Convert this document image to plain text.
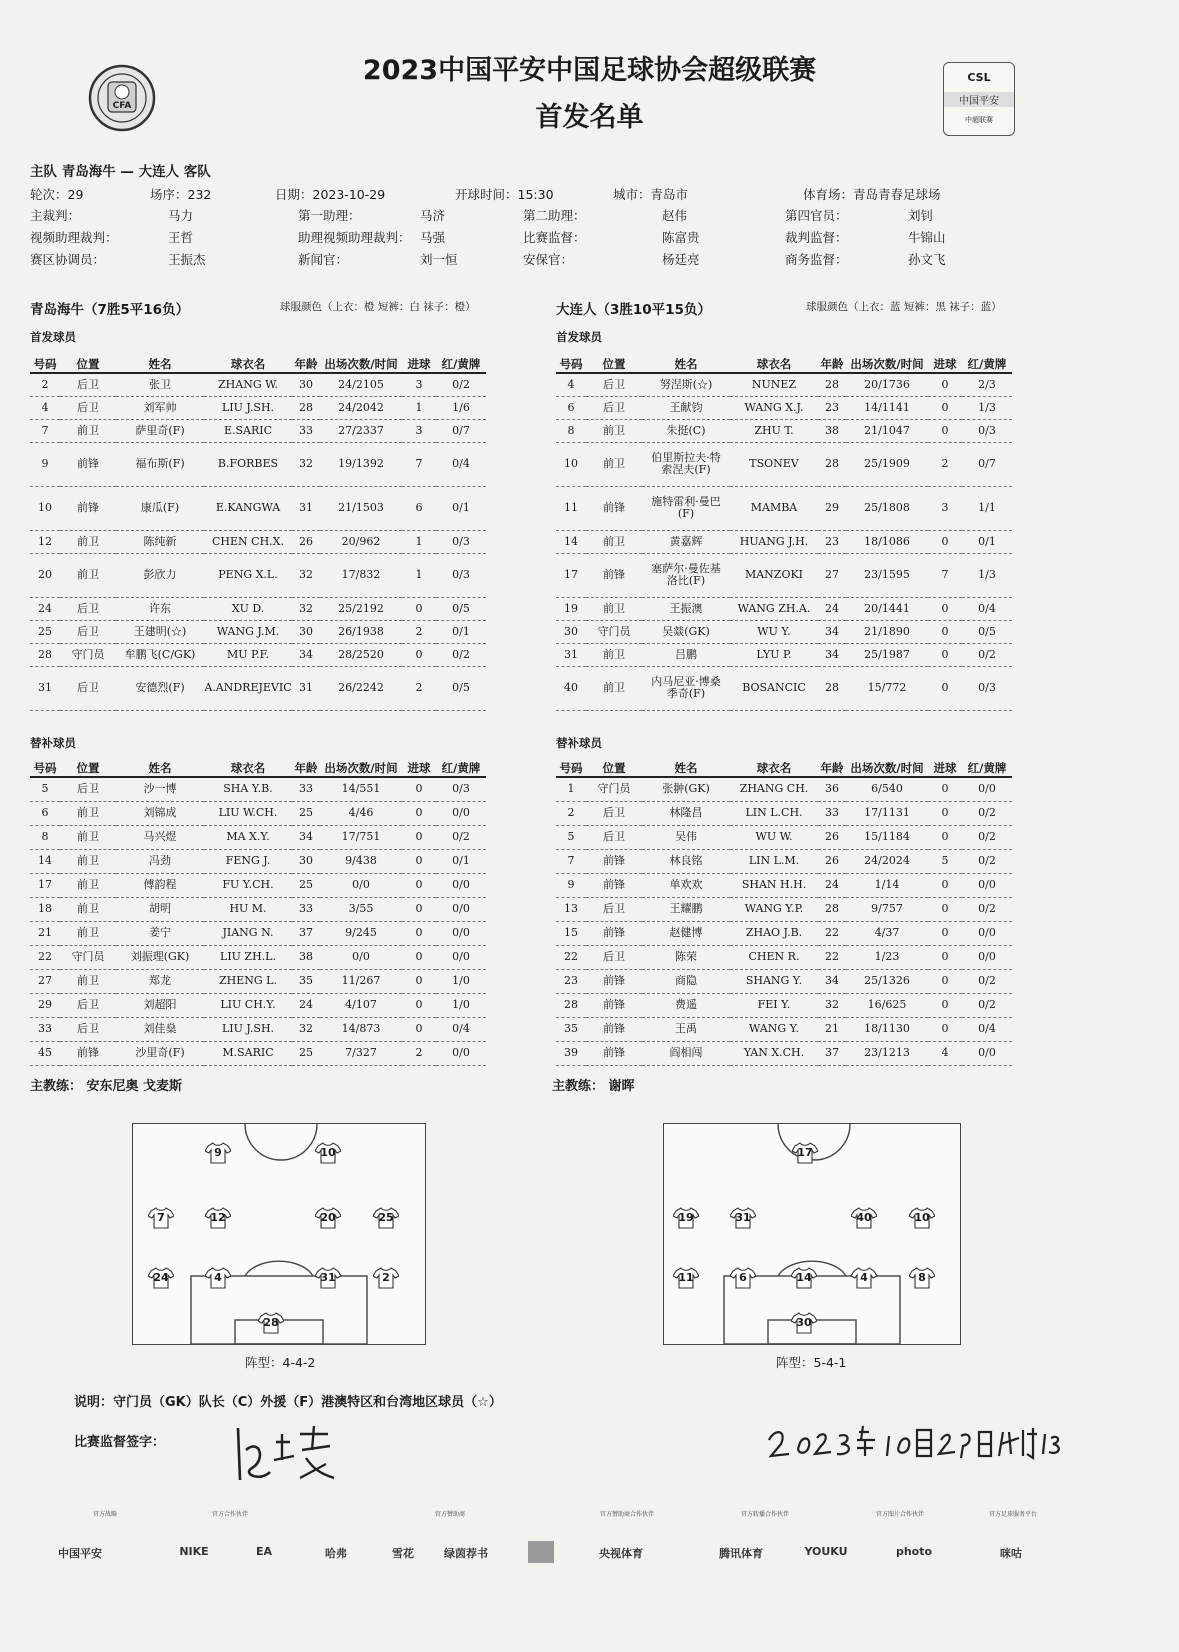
CFA
2023中国平安中国足球协会超级联赛
首发名单
CSL
中国平安
中超联赛
主队 青岛海牛 — 大连人 客队
轮次：29	场序：232	日期：2023-10-29	开球时间：15:30	城市：青岛市	体育场：青岛青春足球场
主裁判：	马力	第一助理：	马济	第二助理：	赵伟	第四官员：	刘钊
视频助理裁判：	王哲	助理视频助理裁判： 马强	比赛监督：	陈富贵	裁判监督：	牛锦山
赛区协调员：	王振杰	新闻官：	刘一恒	安保官：	杨廷亮	商务监督：	孙文飞
青岛海牛（7胜5平16负）	球服颜色（上衣：橙 短裤：白 袜子：橙）	大连人（3胜10平15负）	球服颜色（上衣：蓝 短裤：黑 袜子：蓝）
首发球员	首发球员
替补球员	替补球员
号码	位置	姓名	球衣名	年龄	出场次数/时间	进球	红/黄牌
2	后卫	张卫	ZHANG W.	30	24/2105	3	0/2
4	后卫	刘军帅	LIU J.SH.	28	24/2042	1	1/6
7	前卫	萨里奇(F)	E.SARIC	33	27/2337	3	0/7
9	前锋	福布斯(F)	B.FORBES	32	19/1392	7	0/4
10	前锋	康瓜(F)	E.KANGWA	31	21/1503	6	0/1
12	前卫	陈纯新	CHEN CH.X.	26	20/962	1	0/3
20	前卫	彭欣力	PENG X.L.	32	17/832	1	0/3
24	后卫	许东	XU D.	32	25/2192	0	0/5
25	后卫	王建明(☆)	WANG J.M.	30	26/1938	2	0/1
28	守门员	牟鹏飞(C/GK)	MU P.F.	34	28/2520	0	0/2
31	后卫	安德烈(F)	A.ANDREJEVIC	31	26/2242	2	0/5
号码	位置	姓名	球衣名	年龄	出场次数/时间	进球	红/黄牌
4	后卫	努涅斯(☆)	NUNEZ	28	20/1736	0	2/3
6	后卫	王献钧	WANG X.J.	23	14/1141	0	1/3
8	前卫	朱挺(C)	ZHU T.	38	21/1047	0	0/3
10	前卫	伯里斯拉夫·特索涅夫(F)	TSONEV	28	25/1909	2	0/7
11	前锋	施特雷利·曼巴(F)	MAMBA	29	25/1808	3	1/1
14	前卫	黄嘉辉	HUANG J.H.	23	18/1086	0	0/1
17	前锋	塞萨尔·曼佐基洛比(F)	MANZOKI	27	23/1595	7	1/3
19	前卫	王振澳	WANG ZH.A.	24	20/1441	0	0/4
30	守门员	吴燚(GK)	WU Y.	34	21/1890	0	0/5
31	前卫	吕鹏	LYU P.	34	25/1987	0	0/2
40	前卫	内马尼亚·博桑季奇(F)	BOSANCIC	28	15/772	0	0/3
号码	位置	姓名	球衣名	年龄	出场次数/时间	进球	红/黄牌
5	后卫	沙一博	SHA Y.B.	33	14/551	0	0/3
6	前卫	刘锦成	LIU W.CH.	25	4/46	0	0/0
8	前卫	马兴煜	MA X.Y.	34	17/751	0	0/2
14	前卫	冯劲	FENG J.	30	9/438	0	0/1
17	前卫	傅韵程	FU Y.CH.	25	0/0	0	0/0
18	前卫	胡明	HU M.	33	3/55	0	0/0
21	前卫	姜宁	JIANG N.	37	9/245	0	0/0
22	守门员	刘振理(GK)	LIU ZH.L.	38	0/0	0	0/0
27	前卫	郑龙	ZHENG L.	35	11/267	0	1/0
29	后卫	刘超阳	LIU CH.Y.	24	4/107	0	1/0
33	后卫	刘佳燊	LIU J.SH.	32	14/873	0	0/4
45	前锋	沙里奇(F)	M.SARIC	25	7/327	2	0/0
号码	位置	姓名	球衣名	年龄	出场次数/时间	进球	红/黄牌
1	守门员	张翀(GK)	ZHANG CH.	36	6/540	0	0/0
2	后卫	林隆昌	LIN L.CH.	33	17/1131	0	0/2
5	后卫	吴伟	WU W.	26	15/1184	0	0/2
7	前锋	林良铭	LIN L.M.	26	24/2024	5	0/2
9	前锋	单欢欢	SHAN H.H.	24	1/14	0	0/0
13	后卫	王耀鹏	WANG Y.P.	28	9/757	0	0/2
15	前锋	赵健博	ZHAO J.B.	22	4/37	0	0/0
22	后卫	陈荣	CHEN R.	22	1/23	0	0/0
23	前锋	商隐	SHANG Y.	34	25/1326	0	0/2
28	前锋	费遥	FEI Y.	32	16/625	0	0/2
35	前锋	王禹	WANG Y.	21	18/1130	0	0/4
39	前锋	阎相闯	YAN X.CH.	37	23/1213	4	0/0
主教练： 安东尼奥 戈麦斯	主教练： 谢晖
9	10
7	12	20	25
24	4	31	2
28
17
19	31	40	10
11	6	14	4	8
30
阵型：4-4-2	阵型：5-4-1
说明：守门员（GK）队长（C）外援（F）港澳特区和台湾地区球员（☆）
比赛监督签字：
官方战略	官方合作伙伴	官方赞助商	官方赞助商合作伙伴	官方转播合作伙伴	官方图片合作伙伴	官方足球服务平台
中国平安	NIKE	EA	哈弗	雪花	绿茵荐书	央视体育	腾讯体育	YOUKU	photo	咪咕
